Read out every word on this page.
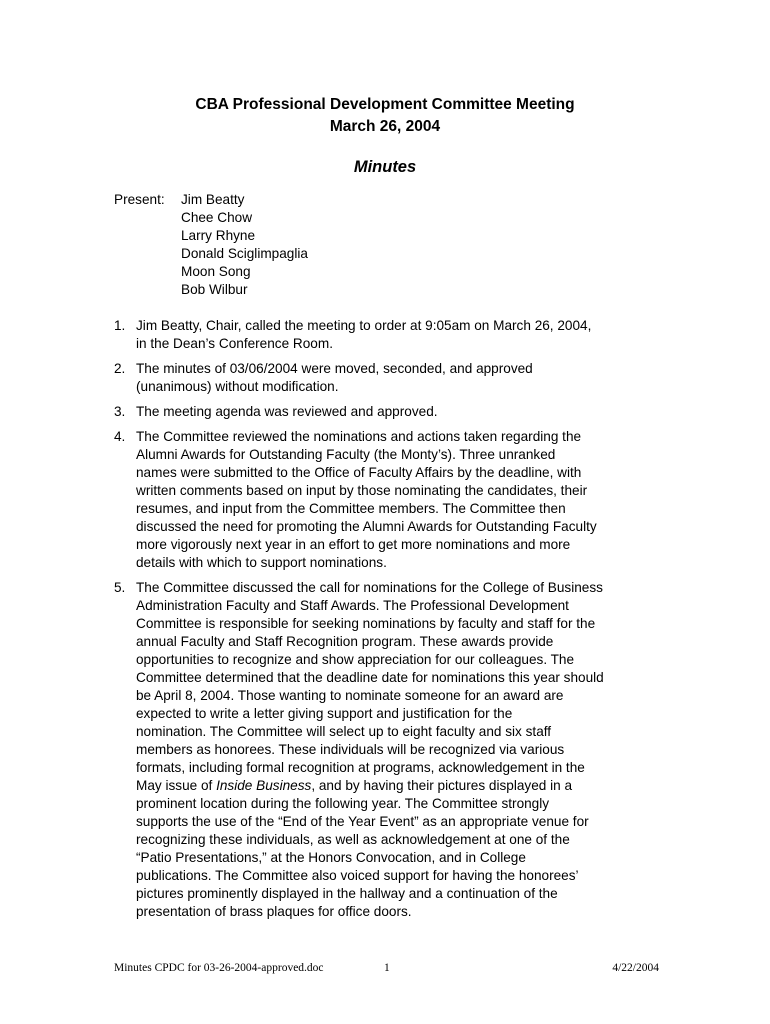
CBA Professional Development Committee Meeting
March 26, 2004
Minutes
Present: Jim Beatty
Chee Chow
Larry Rhyne
Donald Sciglimpaglia
Moon Song
Bob Wilbur
1. Jim Beatty, Chair, called the meeting to order at 9:05am on March 26, 2004,
in the Dean’s Conference Room.
2. The minutes of 03/06/2004 were moved, seconded, and approved
(unanimous) without modification.
3. The meeting agenda was reviewed and approved.
4. The Committee reviewed the nominations and actions taken regarding the
Alumni Awards for Outstanding Faculty (the Monty’s). Three unranked
names were submitted to the Office of Faculty Affairs by the deadline, with
written comments based on input by those nominating the candidates, their
resumes, and input from the Committee members. The Committee then
discussed the need for promoting the Alumni Awards for Outstanding Faculty
more vigorously next year in an effort to get more nominations and more
details with which to support nominations.
5. The Committee discussed the call for nominations for the College of Business
Administration Faculty and Staff Awards. The Professional Development
Committee is responsible for seeking nominations by faculty and staff for the
annual Faculty and Staff Recognition program. These awards provide
opportunities to recognize and show appreciation for our colleagues. The
Committee determined that the deadline date for nominations this year should
be April 8, 2004. Those wanting to nominate someone for an award are
expected to write a letter giving support and justification for the
nomination. The Committee will select up to eight faculty and six staff
members as honorees. These individuals will be recognized via various
formats, including formal recognition at programs, acknowledgement in the
May issue of Inside Business, and by having their pictures displayed in a
prominent location during the following year. The Committee strongly
supports the use of the “End of the Year Event” as an appropriate venue for
recognizing these individuals, as well as acknowledgement at one of the
“Patio Presentations,” at the Honors Convocation, and in College
publications. The Committee also voiced support for having the honorees’
pictures prominently displayed in the hallway and a continuation of the
presentation of brass plaques for office doors.
Minutes CPDC for 03-26-2004-approved.doc	1	4/22/2004
